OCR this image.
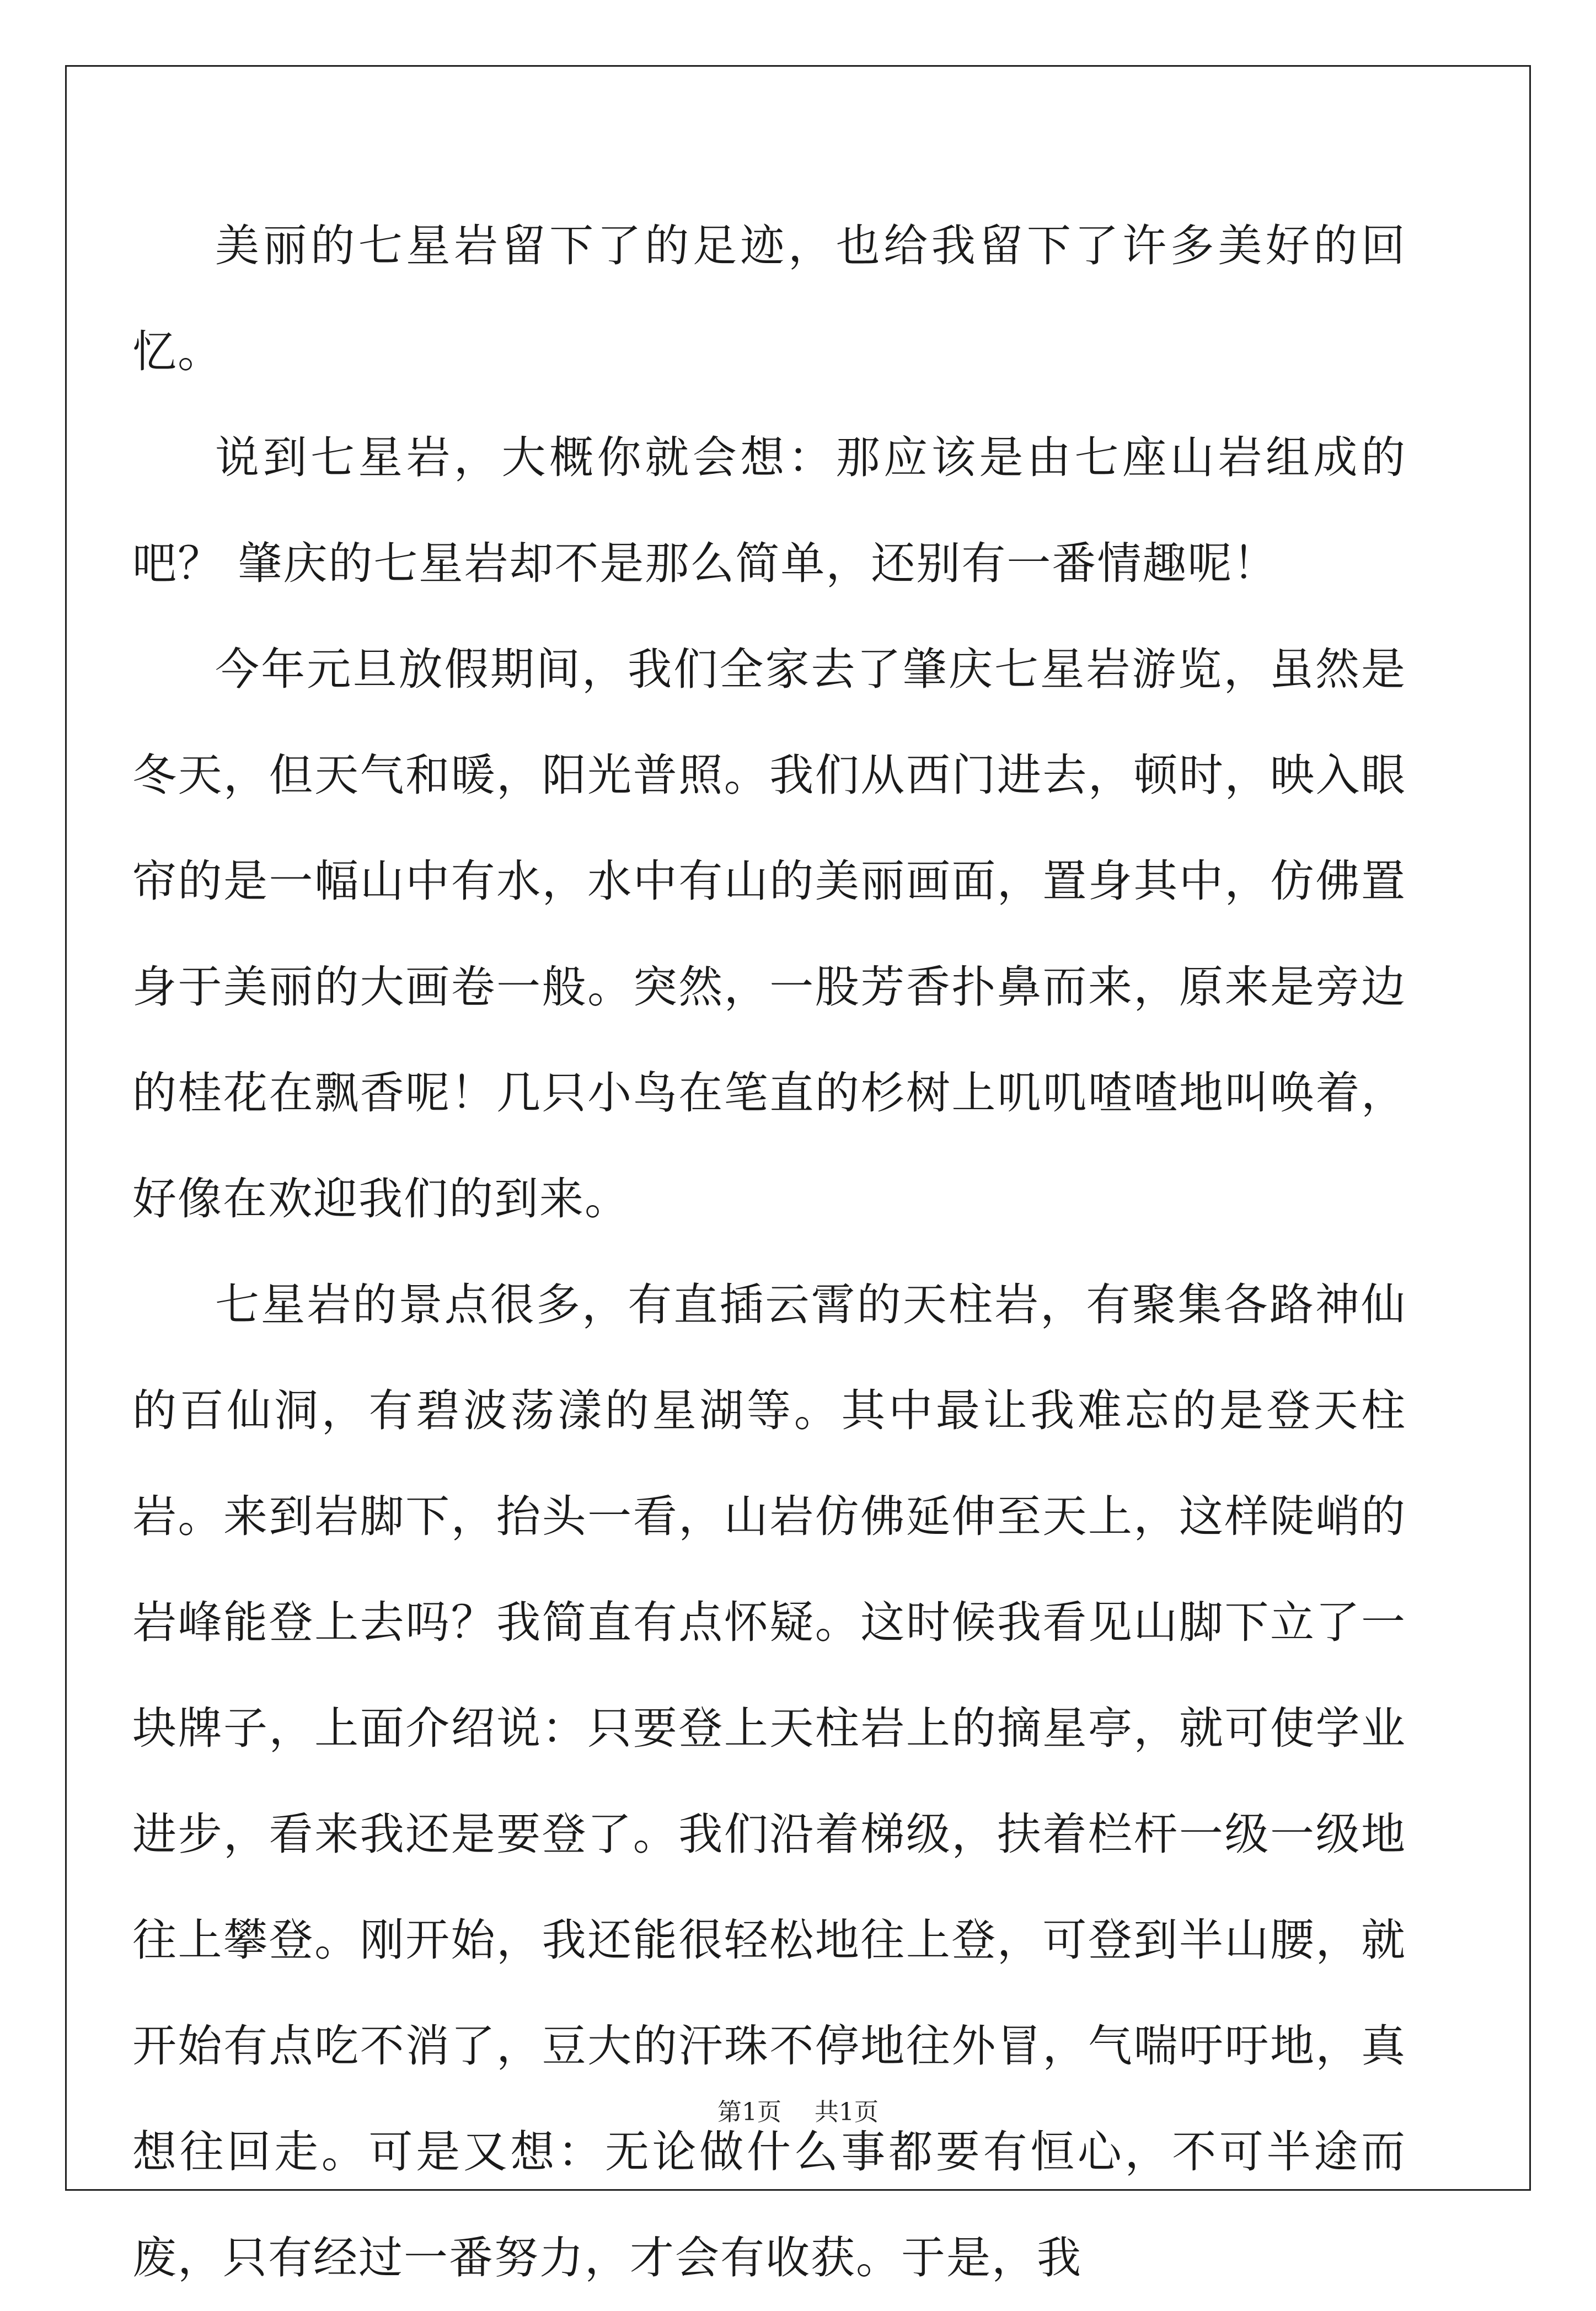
美丽的七星岩留下了的足迹，也给我留下了许多美好的回忆。

说到七星岩，大概你就会想：那应该是由七座山岩组成的吧？ 肇庆的七星岩却不是那么简单，还别有一番情趣呢！

今年元旦放假期间，我们全家去了肇庆七星岩游览，虽然是冬天，但天气和暖，阳光普照。我们从西门进去，顿时，映入眼帘的是一幅山中有水，水中有山的美丽画面，置身其中，仿佛置身于美丽的大画卷一般。突然，一股芳香扑鼻而来，原来是旁边的桂花在飘香呢！几只小鸟在笔直的杉树上叽叽喳喳地叫唤着，好像在欢迎我们的到来。

七星岩的景点很多，有直插云霄的天柱岩，有聚集各路神仙的百仙洞，有碧波荡漾的星湖等。其中最让我难忘的是登天柱岩。来到岩脚下，抬头一看，山岩仿佛延伸至天上，这样陡峭的岩峰能登上去吗？我简直有点怀疑。这时候我看见山脚下立了一块牌子，上面介绍说：只要登上天柱岩上的摘星亭，就可使学业进步，看来我还是要登了。我们沿着梯级，扶着栏杆一级一级地往上攀登。刚开始，我还能很轻松地往上登，可登到半山腰，就开始有点吃不消了，豆大的汗珠不停地往外冒，气喘吁吁地，真想往回走。可是又想：无论做什么事都要有恒心，不可半途而废，只有经过一番努力，才会有收获。于是，我

第1页 共1页
